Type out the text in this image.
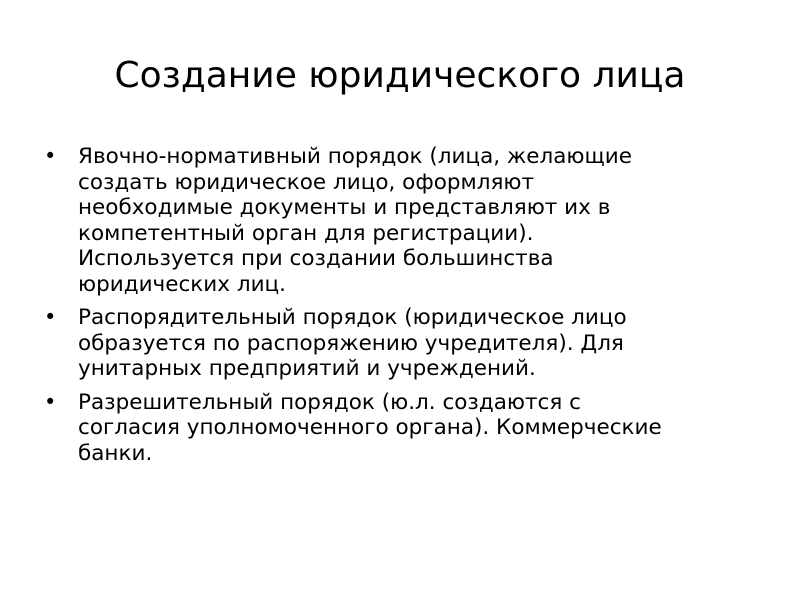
Создание юридического лица
• Явочно-нормативный порядок (лица, желающие
создать юридическое лицо, оформляют
необходимые документы и представляют их в
компетентный орган для регистрации).
Используется при создании большинства
юридических лиц.
• Распорядительный порядок (юридическое лицо
образуется по распоряжению учредителя). Для
унитарных предприятий и учреждений.
• Разрешительный порядок (ю.л. создаются с
согласия уполномоченного органа). Коммерческие
банки.
